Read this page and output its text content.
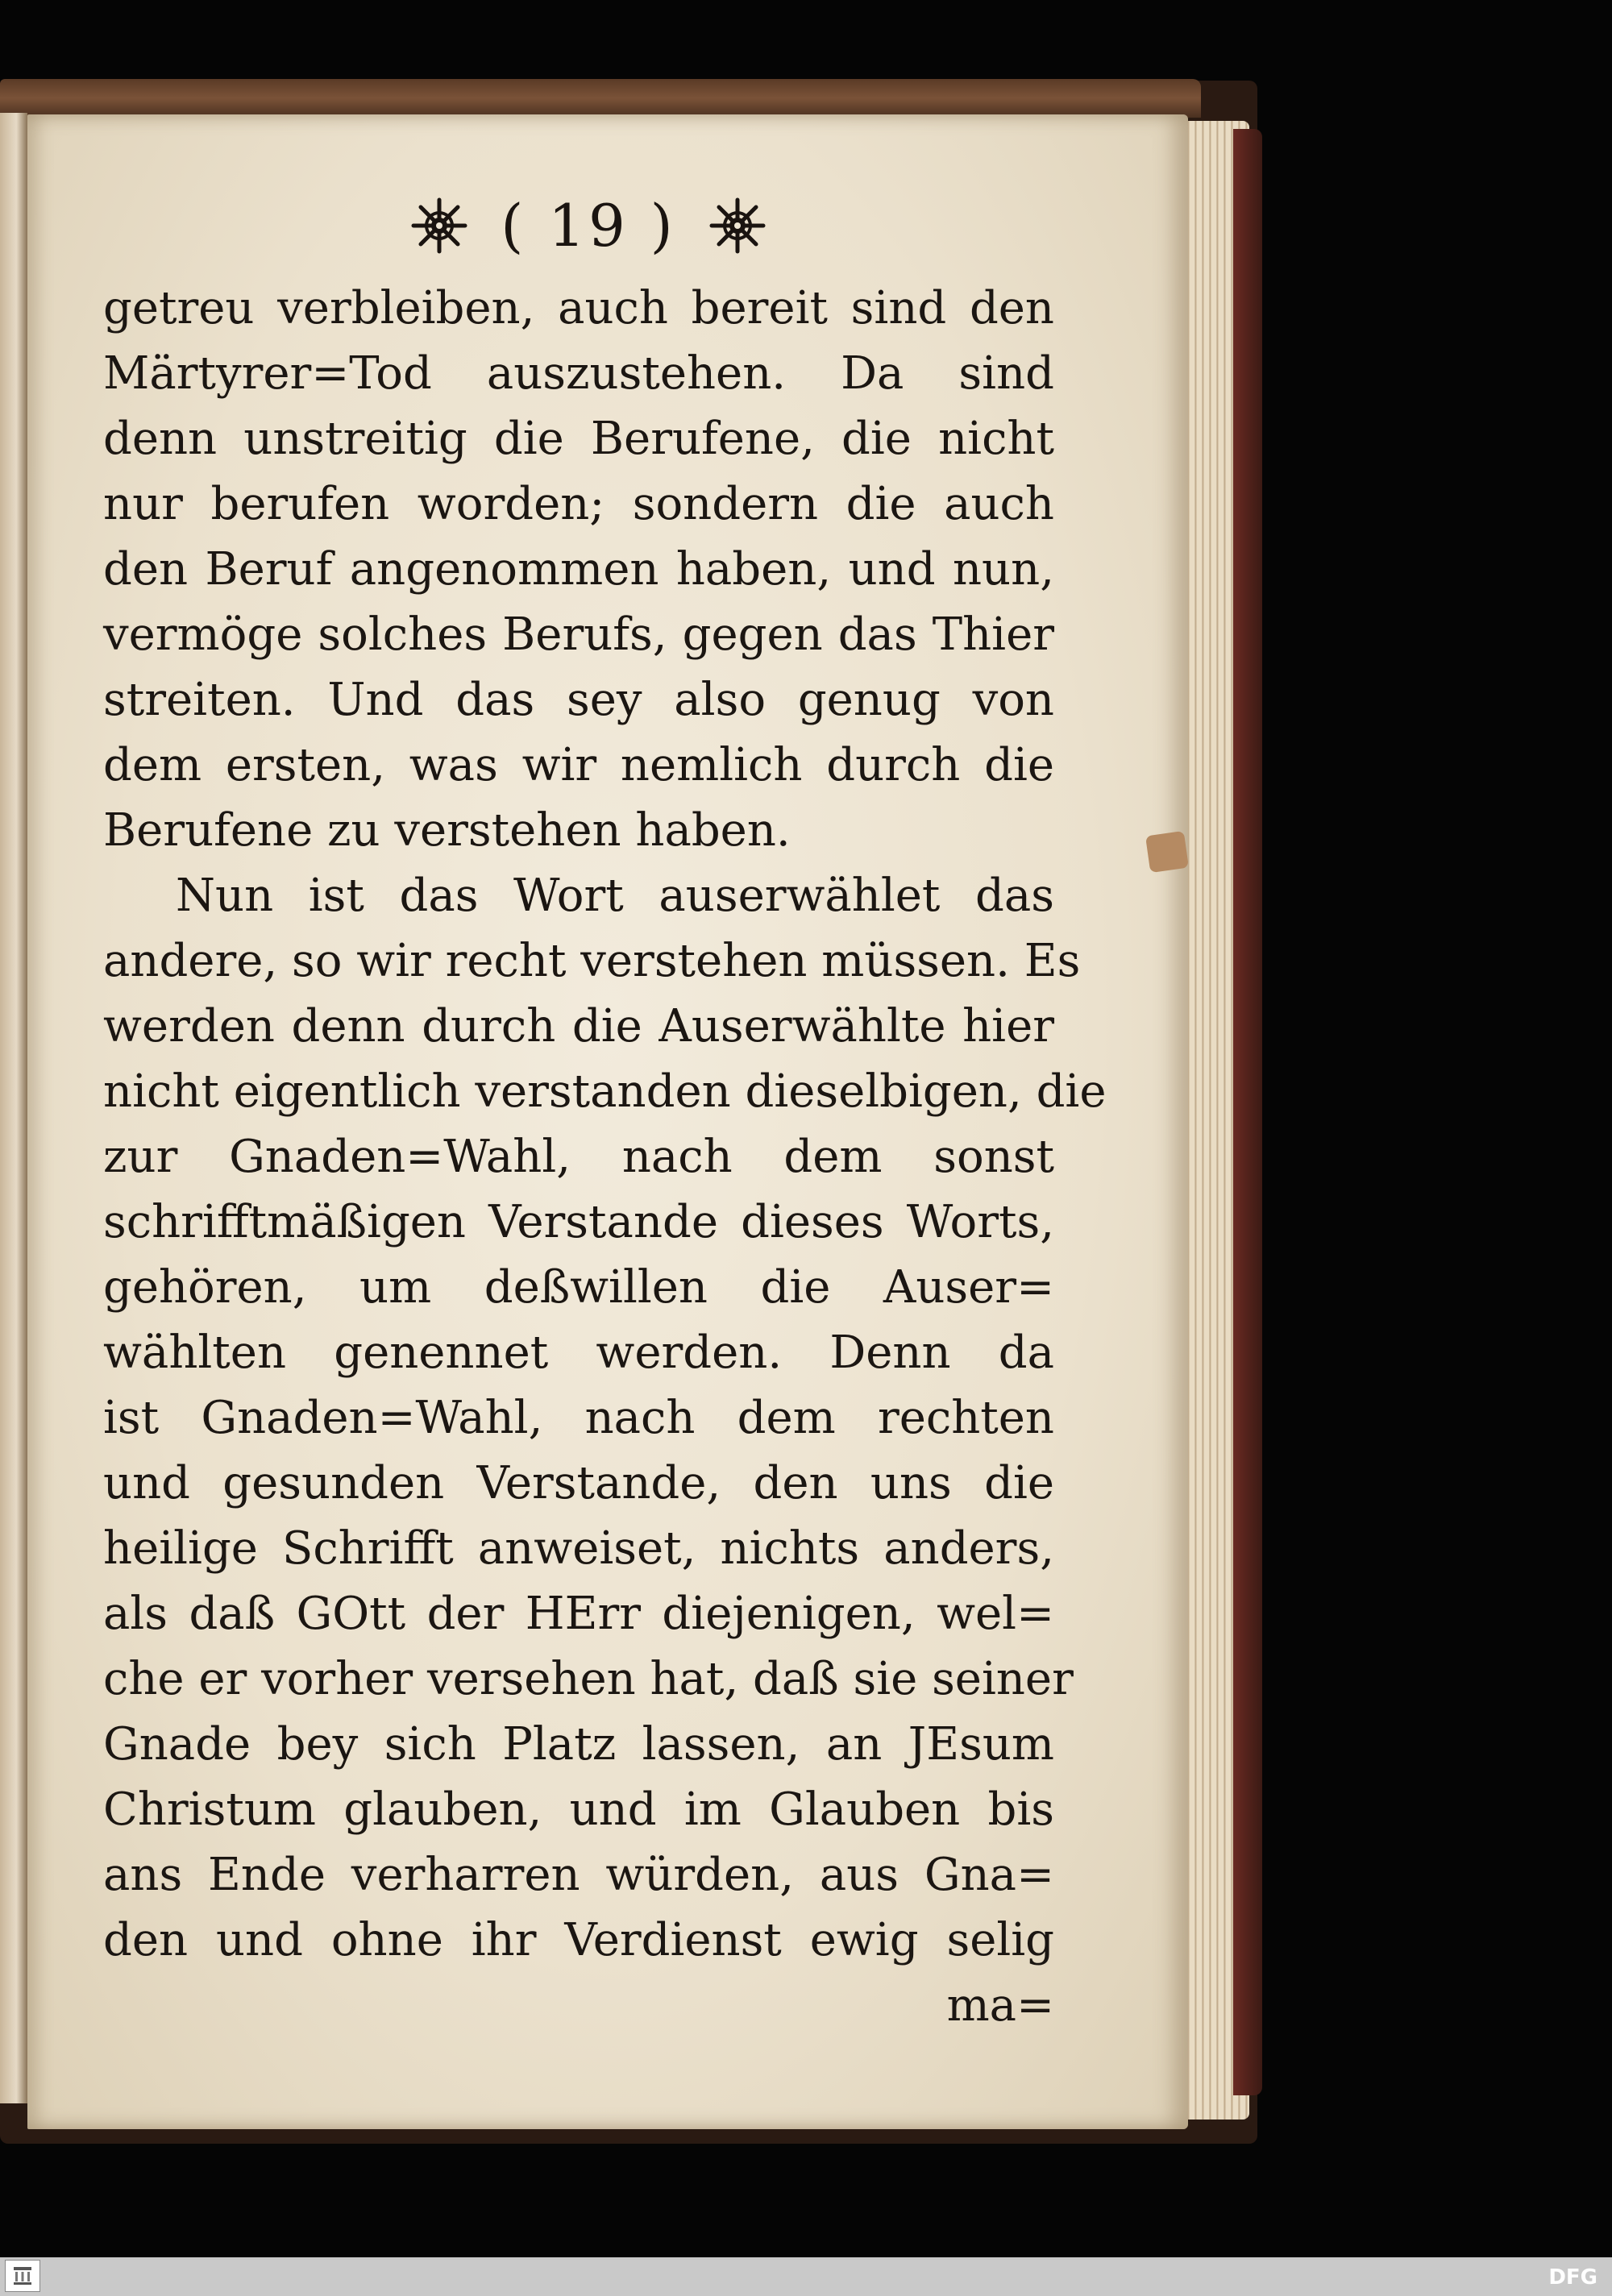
( 19 )
getreu verbleiben, auch bereit sind den
Märtyrer=Tod auszustehen. Da sind
denn unstreitig die Berufene, die nicht
nur berufen worden; sondern die auch
den Beruf angenommen haben, und nun,
vermöge solches Berufs, gegen das Thier
streiten. Und das sey also genug von
dem ersten, was wir nemlich durch die
Berufene zu verstehen haben.
Nun ist das Wort auserwählet das
andere, so wir recht verstehen müssen. Es
werden denn durch die Auserwählte hier
nicht eigentlich verstanden dieselbigen, die
zur Gnaden=Wahl, nach dem sonst
schrifftmäßigen Verstande dieses Worts,
gehören, um deßwillen die Auser=
wählten genennet werden. Denn da
ist Gnaden=Wahl, nach dem rechten
und gesunden Verstande, den uns die
heilige Schrifft anweiset, nichts anders,
als daß GOtt der HErr diejenigen, wel=
che er vorher versehen hat, daß sie seiner
Gnade bey sich Platz lassen, an JEsum
Christum glauben, und im Glauben bis
ans Ende verharren würden, aus Gna=
den und ohne ihr Verdienst ewig selig
ma=
DFG
